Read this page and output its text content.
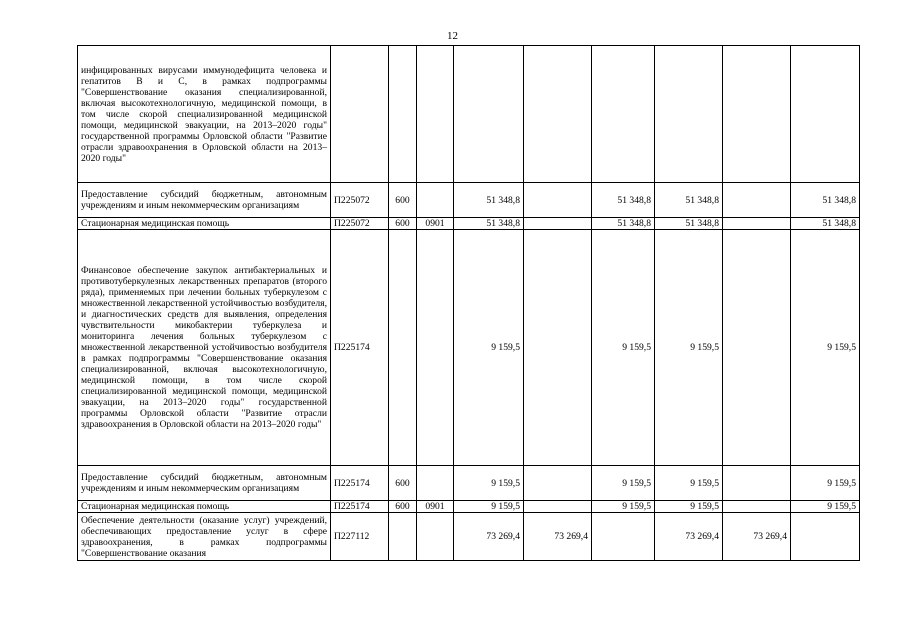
12
инфицированных вирусами иммунодефицита человека и гепатитов B и C, в рамках подпрограммы "Совершенствование оказания специализированной, включая высокотехнологичную, медицинской помощи, в том числе скорой специализированной медицинской помощи, медицинской эвакуации, на 2013–2020 годы" государственной программы Орловской области "Развитие отрасли здравоохранения в Орловской области на 2013–2020 годы"									
Предоставление субсидий бюджетным, автономным учреждениям и иным некоммерческим организациям	П225072	600		51 348,8		51 348,8	51 348,8		51 348,8
Стационарная медицинская помощь	П225072	600	0901	51 348,8		51 348,8	51 348,8		51 348,8
Финансовое обеспечение закупок антибактериальных и противотуберкулезных лекарственных препаратов (второго ряда), применяемых при лечении больных туберкулезом с множественной лекарственной устойчивостью возбудителя, и диагностических средств для выявления, определения чувствительности микобактерии туберкулеза и мониторинга лечения больных туберкулезом с множественной лекарственной устойчивостью возбудителя в рамках подпрограммы "Совершенствование оказания специализированной, включая высокотехнологичную, медицинской помощи, в том числе скорой специализированной медицинской помощи, медицинской эвакуации, на 2013–2020 годы" государственной программы Орловской области "Развитие отрасли здравоохранения в Орловской области на 2013–2020 годы"	П225174			9 159,5		9 159,5	9 159,5		9 159,5
Предоставление субсидий бюджетным, автономным учреждениям и иным некоммерческим организациям	П225174	600		9 159,5		9 159,5	9 159,5		9 159,5
Стационарная медицинская помощь	П225174	600	0901	9 159,5		9 159,5	9 159,5		9 159,5
Обеспечение деятельности (оказание услуг) учреждений, обеспечивающих предоставление услуг в сфере здравоохранения, в рамках подпрограммы "Совершенствование оказания	П227112			73 269,4	73 269,4		73 269,4	73 269,4	
